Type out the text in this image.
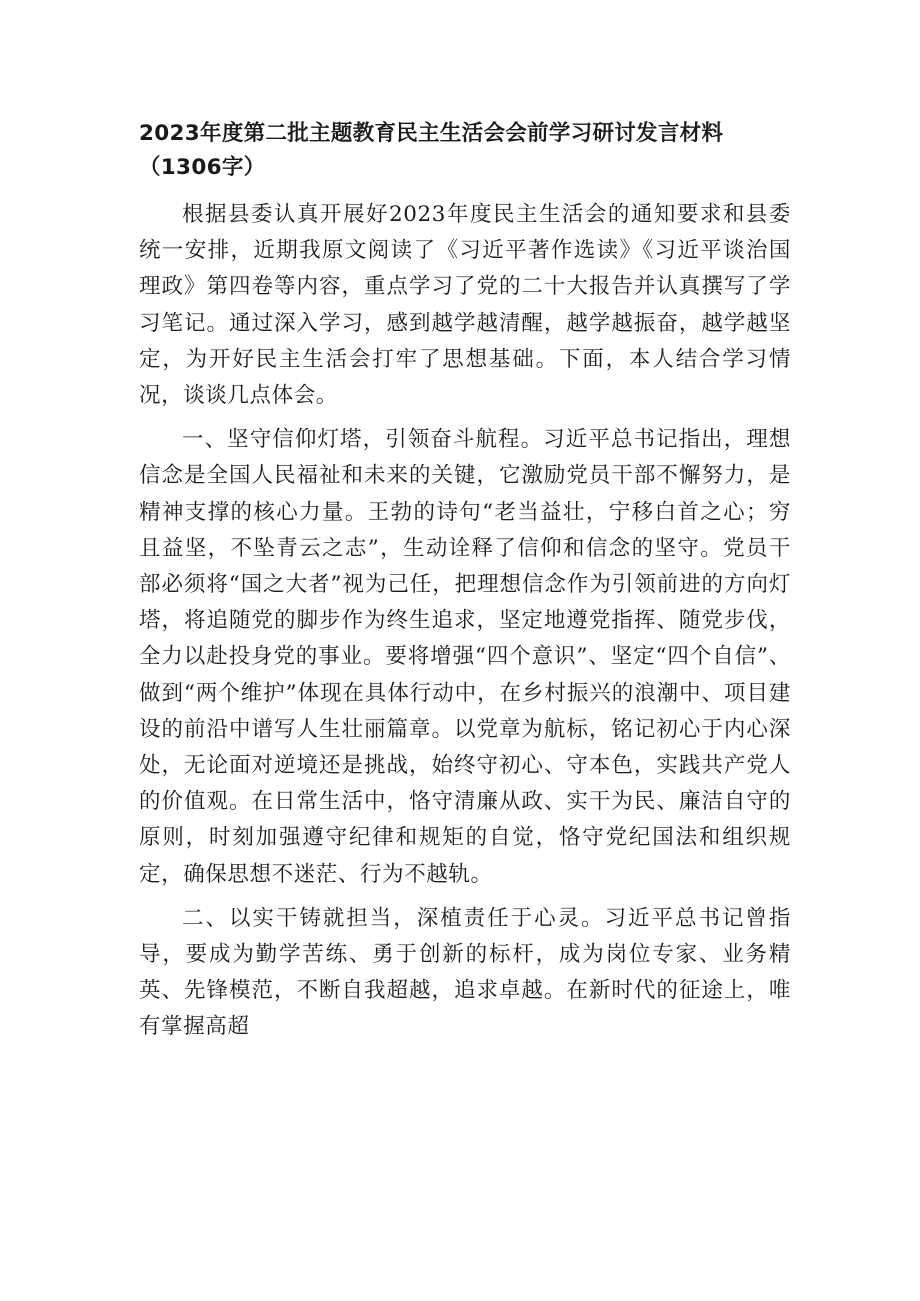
2023年度第二批主题教育民主生活会会前学习研讨发言材料（1306字）

根据县委认真开展好2023年度民主生活会的通知要求和县委统一安排，近期我原文阅读了《习近平著作选读》《习近平谈治国理政》第四卷等内容，重点学习了党的二十大报告并认真撰写了学习笔记。通过深入学习，感到越学越清醒，越学越振奋，越学越坚定，为开好民主生活会打牢了思想基础。下面，本人结合学习情况，谈谈几点体会。

一、坚守信仰灯塔，引领奋斗航程。习近平总书记指出，理想信念是全国人民福祉和未来的关键，它激励党员干部不懈努力，是精神支撑的核心力量。王勃的诗句“老当益壮，宁移白首之心；穷且益坚，不坠青云之志”，生动诠释了信仰和信念的坚守。党员干部必须将“国之大者”视为己任，把理想信念作为引领前进的方向灯塔，将追随党的脚步作为终生追求，坚定地遵党指挥、随党步伐，全力以赴投身党的事业。要将增强“四个意识”、坚定“四个自信”、做到“两个维护”体现在具体行动中，在乡村振兴的浪潮中、项目建设的前沿中谱写人生壮丽篇章。以党章为航标，铭记初心于内心深处，无论面对逆境还是挑战，始终守初心、守本色，实践共产党人的价值观。在日常生活中，恪守清廉从政、实干为民、廉洁自守的原则，时刻加强遵守纪律和规矩的自觉，恪守党纪国法和组织规定，确保思想不迷茫、行为不越轨。

二、以实干铸就担当，深植责任于心灵。习近平总书记曾指导，要成为勤学苦练、勇于创新的标杆，成为岗位专家、业务精英、先锋模范，不断自我超越，追求卓越。在新时代的征途上，唯有掌握高超
